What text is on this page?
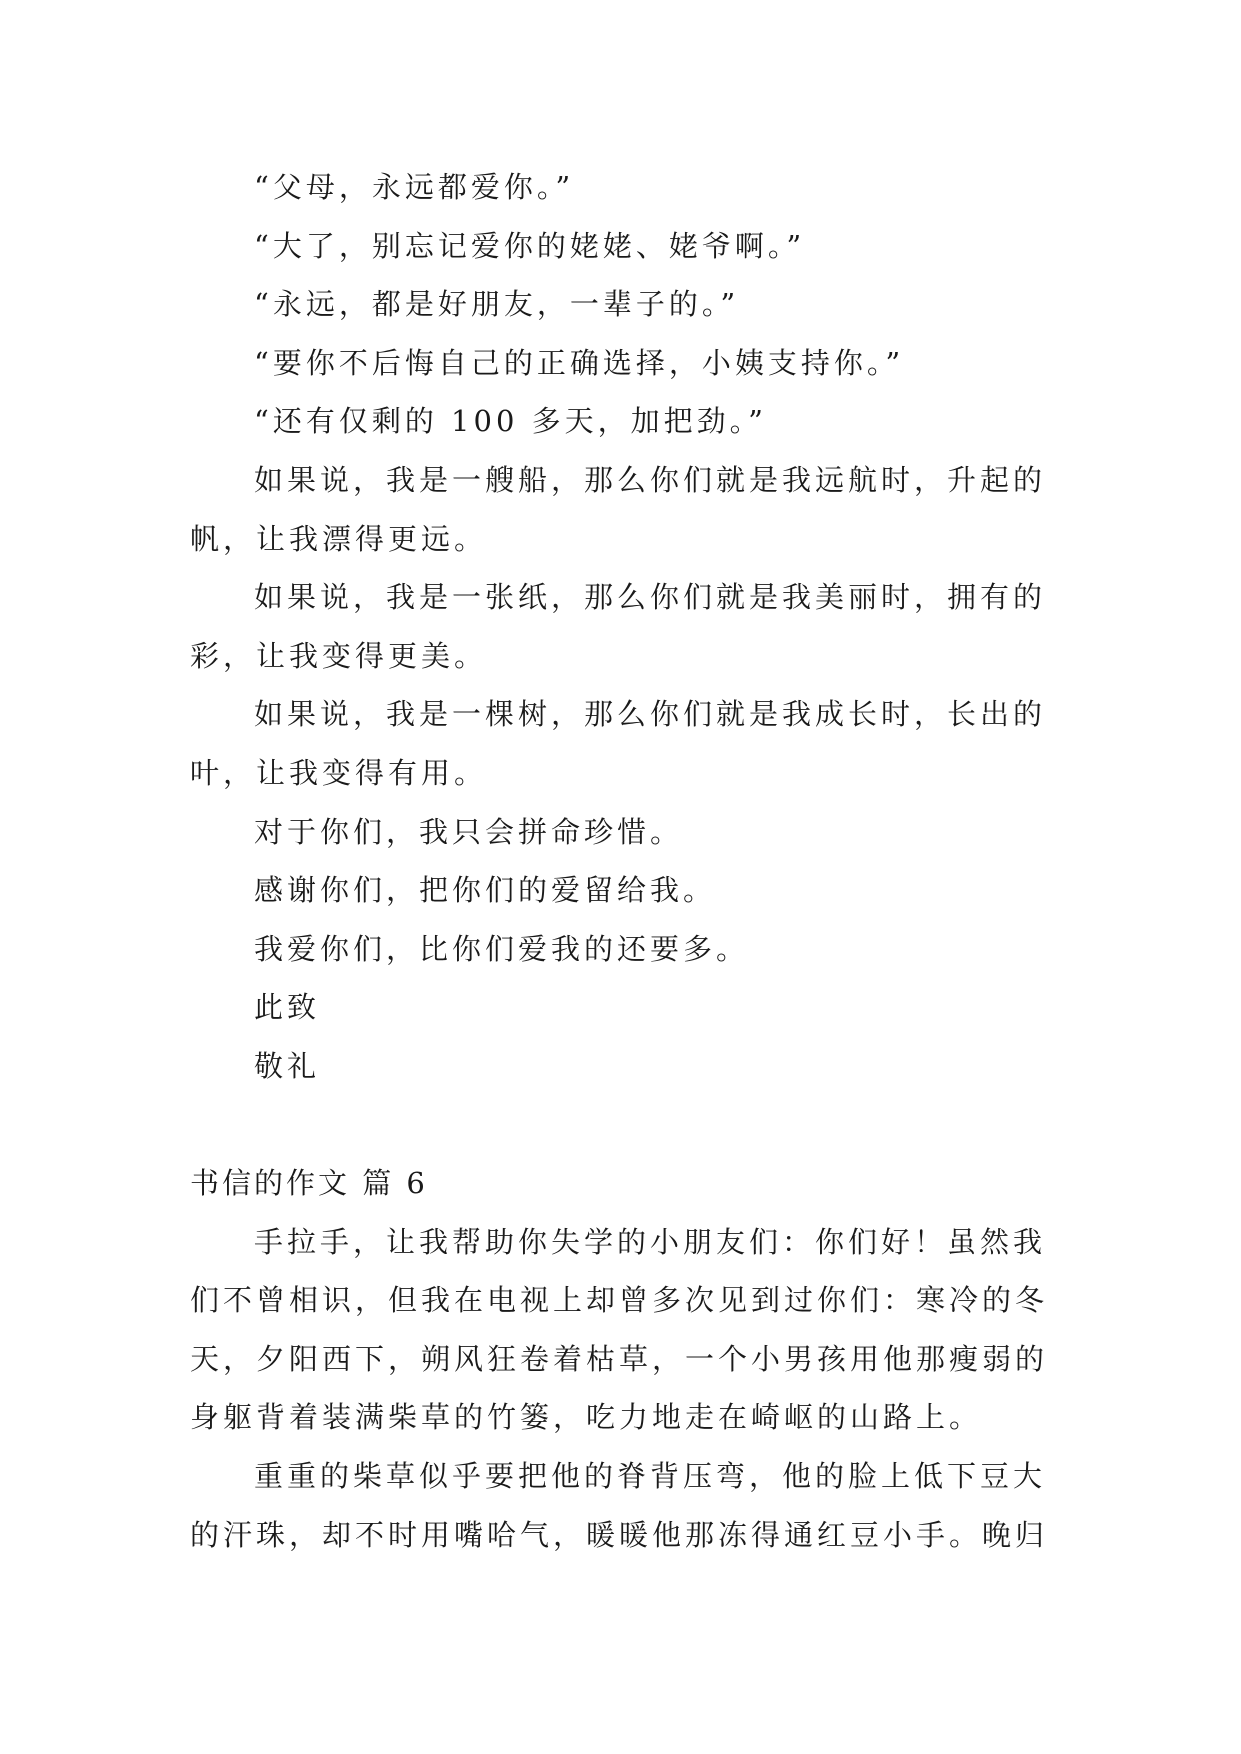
“父母，永远都爱你。”
“大了，别忘记爱你的姥姥、姥爷啊。”
“永远，都是好朋友，一辈子的。”
“要你不后悔自己的正确选择，小姨支持你。”
“还有仅剩的 100 多天，加把劲。”
如果说，我是一艘船，那么你们就是我远航时，升起的
帆，让我漂得更远。
如果说，我是一张纸，那么你们就是我美丽时，拥有的
彩，让我变得更美。
如果说，我是一棵树，那么你们就是我成长时，长出的
叶，让我变得有用。
对于你们，我只会拼命珍惜。
感谢你们，把你们的爱留给我。
我爱你们，比你们爱我的还要多。
此致
敬礼
书信的作文 篇 6
手拉手，让我帮助你失学的小朋友们：你们好！虽然我
们不曾相识，但我在电视上却曾多次见到过你们：寒冷的冬
天，夕阳西下，朔风狂卷着枯草，一个小男孩用他那瘦弱的
身躯背着装满柴草的竹篓，吃力地走在崎岖的山路上。
重重的柴草似乎要把他的脊背压弯，他的脸上低下豆大
的汗珠，却不时用嘴哈气，暖暖他那冻得通红豆小手。晚归
